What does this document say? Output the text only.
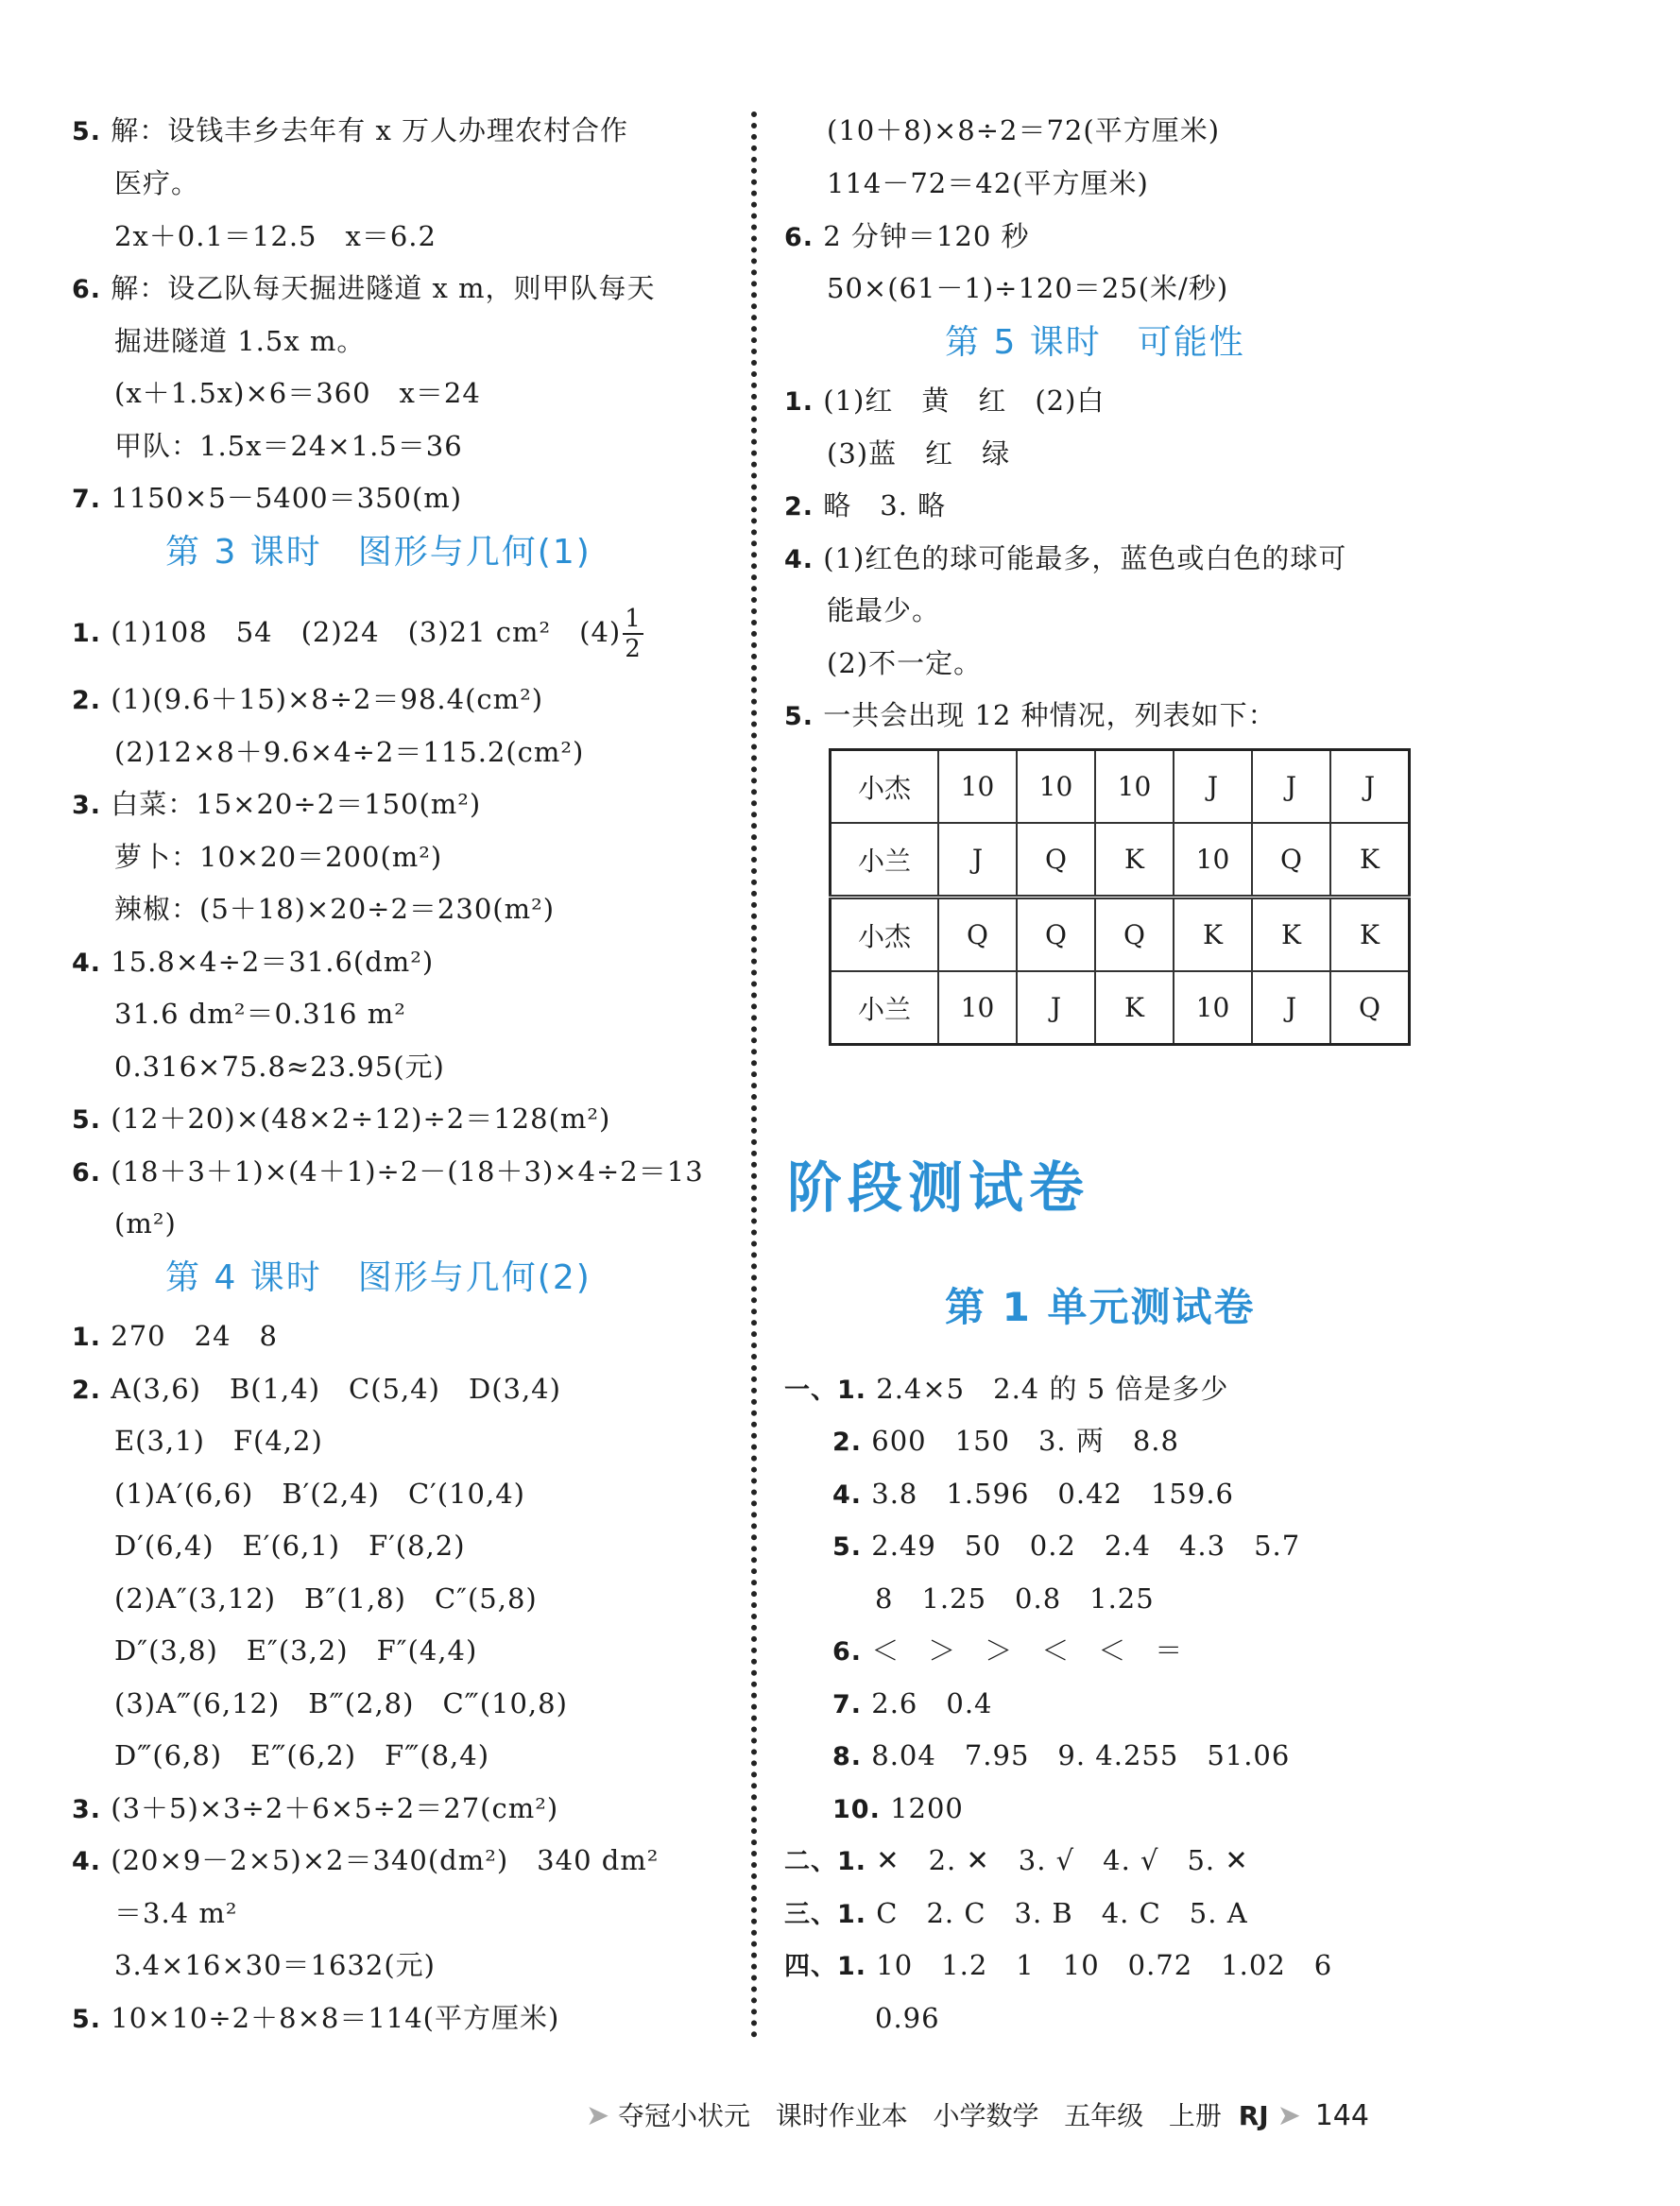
5. 解：设钱丰乡去年有 x 万人办理农村合作
医疗。
2x＋0.1＝12.5　x＝6.2
6. 解：设乙队每天掘进隧道 x m，则甲队每天
掘进隧道 1.5x m。
(x＋1.5x)×6＝360　x＝24
甲队：1.5x＝24×1.5＝36
7. 1150×5－5400＝350(m)
第 3 课时　图形与几何(1)
1. (1)108　54　(2)24　(3)21 cm²　$(4) \frac{1}{2}$
2. (1)(9.6＋15)×8÷2＝98.4(cm²)
(2)12×8＋9.6×4÷2＝115.2(cm²)
3. 白菜：15×20÷2＝150(m²)
萝卜：10×20＝200(m²)
辣椒：(5＋18)×20÷2＝230(m²)
4. 15.8×4÷2＝31.6(dm²)
31.6 dm²＝0.316 m²
0.316×75.8≈23.95(元)
5. (12＋20)×(48×2÷12)÷2＝128(m²)
6. (18＋3＋1)×(4＋1)÷2－(18＋3)×4÷2＝13
(m²)
第 4 课时　图形与几何(2)
1. 270　24　8
2. A(3,6)　B(1,4)　C(5,4)　D(3,4)
E(3,1)　F(4,2)
(1)A′(6,6)　B′(2,4)　C′(10,4)
D′(6,4)　E′(6,1)　F′(8,2)
(2)A″(3,12)　B″(1,8)　C″(5,8)
D″(3,8)　E″(3,2)　F″(4,4)
(3)A‴(6,12)　B‴(2,8)　C‴(10,8)
D‴(6,8)　E‴(6,2)　F‴(8,4)
3. (3＋5)×3÷2＋6×5÷2＝27(cm²)
4. (20×9－2×5)×2＝340(dm²)　340 dm²
＝3.4 m²
3.4×16×30＝1632(元)
5. 10×10÷2＋8×8＝114(平方厘米)
(10＋8)×8÷2＝72(平方厘米)
114－72＝42(平方厘米)
6. 2 分钟＝120 秒
50×(61－1)÷120＝25(米/秒)
第 5 课时　可能性
1. (1)红　黄　红　(2)白
(3)蓝　红　绿
2. 略　3. 略
4. (1)红色的球可能最多，蓝色或白色的球可
能最少。
(2)不一定。
5. 一共会出现 12 种情况，列表如下：
小杰	10	10	10	J	J	J
小兰	J	Q	K	10	Q	K
小杰	Q	Q	Q	K	K	K
小兰	10	J	K	10	J	Q
阶段测试卷
第 1 单元测试卷
一、1. 2.4×5　2.4 的 5 倍是多少
2. 600　150　3. 两　8.8
4. 3.8　1.596　0.42　159.6
5. 2.49　50　0.2　2.4　4.3　5.7
8　1.25　0.8　1.25
6. ＜　＞　＞　＜　＜　＝
7. 2.6　0.4
8. 8.04　7.95　9. 4.255　51.06
10. 1200
二、1. ✕　2. ✕　3. √　4. √　5. ✕
三、1. C　2. C　3. B　4. C　5. A
四、1. 10　1.2　1　10　0.72　1.02　6
0.96
➤ 夺冠小状元 课时作业本 小学数学 五年级 上册 RJ ➤ 144
